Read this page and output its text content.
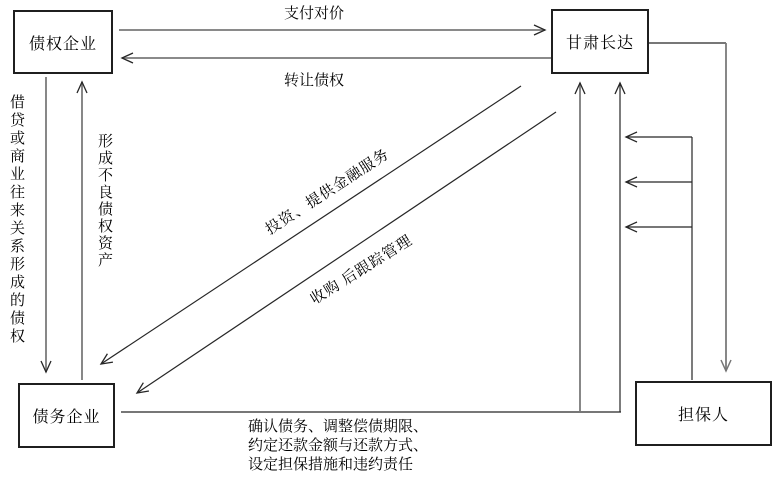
债权企业	甘肃长达
债务企业	担保人
支付对价
转让债权
借贷或商业往来关系形成的债权	形成不良债权资产	投资、提供金融服务
收购 后跟踪管理
确认债务、调整偿债期限、
约定还款金额与还款方式、
设定担保措施和违约责任
